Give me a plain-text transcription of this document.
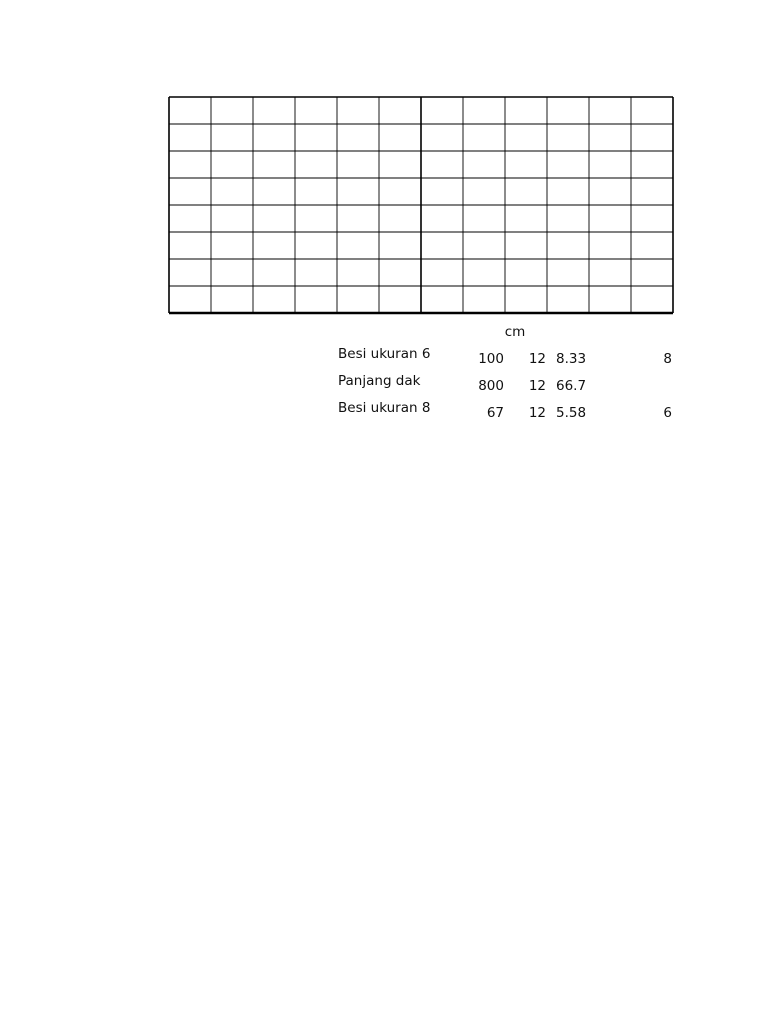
cm
Besi ukuran 6	100	12 8.33	8
Panjang dak	800	12 66.7
Besi ukuran 8	67	12 5.58	6
